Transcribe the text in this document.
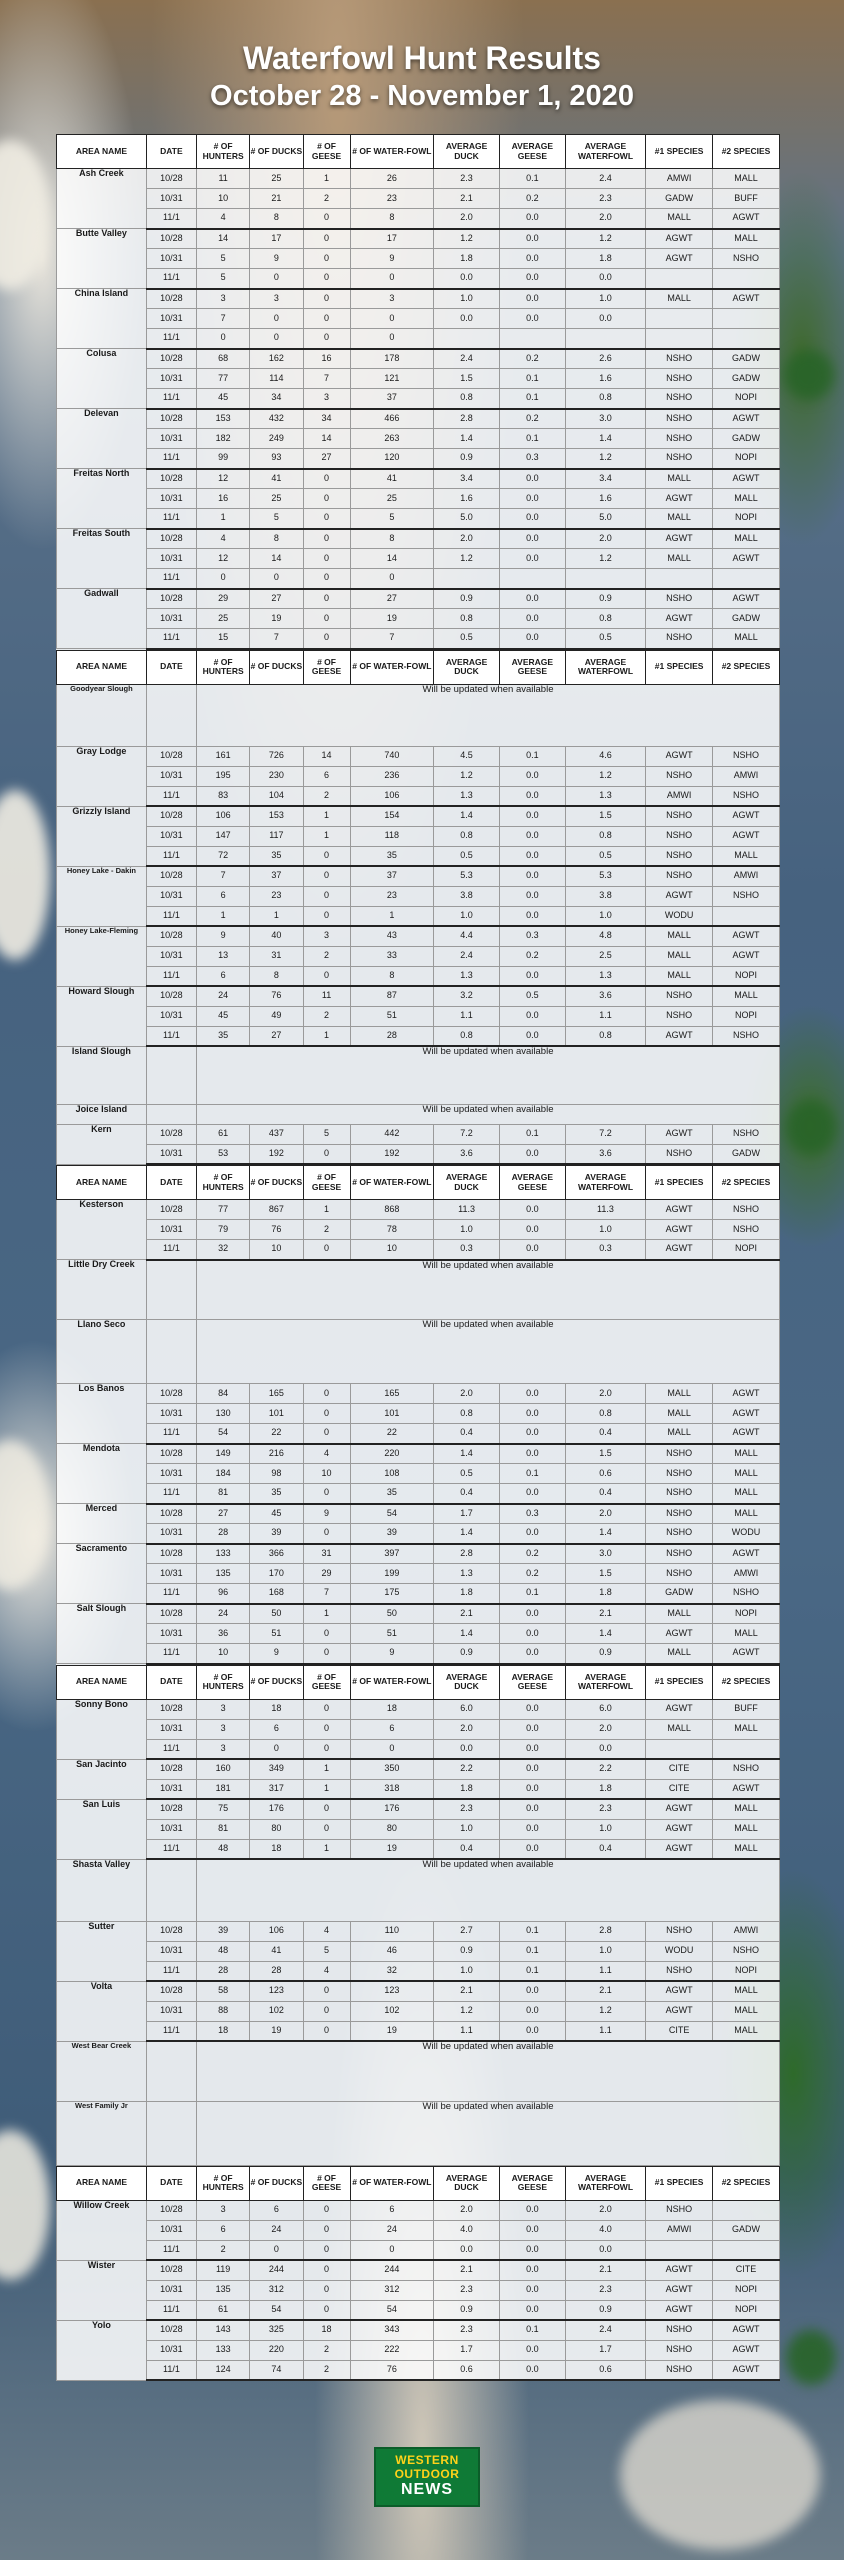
Waterfowl Hunt Results
October 28 - November 1, 2020
AREA NAME	DATE	# OF HUNTERS	# OF DUCKS	# OF GEESE	# OF WATER-FOWL	AVERAGE DUCK	AVERAGE GEESE	AVERAGE WATERFOWL	#1 SPECIES	#2 SPECIES
Ash Creek	10/28	11	25	1	26	2.3	0.1	2.4	AMWI	MALL
	10/31	10	21	2	23	2.1	0.2	2.3	GADW	BUFF
	11/1	4	8	0	8	2.0	0.0	2.0	MALL	AGWT
Butte Valley	10/28	14	17	0	17	1.2	0.0	1.2	AGWT	MALL
	10/31	5	9	0	9	1.8	0.0	1.8	AGWT	NSHO
	11/1	5	0	0	0	0.0	0.0	0.0		
China Island	10/28	3	3	0	3	1.0	0.0	1.0	MALL	AGWT
	10/31	7	0	0	0	0.0	0.0	0.0		
	11/1	0	0	0	0					
Colusa	10/28	68	162	16	178	2.4	0.2	2.6	NSHO	GADW
	10/31	77	114	7	121	1.5	0.1	1.6	NSHO	GADW
	11/1	45	34	3	37	0.8	0.1	0.8	NSHO	NOPI
Delevan	10/28	153	432	34	466	2.8	0.2	3.0	NSHO	AGWT
	10/31	182	249	14	263	1.4	0.1	1.4	NSHO	GADW
	11/1	99	93	27	120	0.9	0.3	1.2	NSHO	NOPI
Freitas North	10/28	12	41	0	41	3.4	0.0	3.4	MALL	AGWT
	10/31	16	25	0	25	1.6	0.0	1.6	AGWT	MALL
	11/1	1	5	0	5	5.0	0.0	5.0	MALL	NOPI
Freitas South	10/28	4	8	0	8	2.0	0.0	2.0	AGWT	MALL
	10/31	12	14	0	14	1.2	0.0	1.2	MALL	AGWT
	11/1	0	0	0	0					
Gadwall	10/28	29	27	0	27	0.9	0.0	0.9	NSHO	AGWT
	10/31	25	19	0	19	0.8	0.0	0.8	AGWT	GADW
	11/1	15	7	0	7	0.5	0.0	0.5	NSHO	MALL
AREA NAME	DATE	# OF HUNTERS	# OF DUCKS	# OF GEESE	# OF WATER-FOWL	AVERAGE DUCK	AVERAGE GEESE	AVERAGE WATERFOWL	#1 SPECIES	#2 SPECIES
Goodyear Slough		Will be updated when available								
Gray Lodge	10/28	161	726	14	740	4.5	0.1	4.6	AGWT	NSHO
	10/31	195	230	6	236	1.2	0.0	1.2	NSHO	AMWI
	11/1	83	104	2	106	1.3	0.0	1.3	AMWI	NSHO
Grizzly Island	10/28	106	153	1	154	1.4	0.0	1.5	NSHO	AGWT
	10/31	147	117	1	118	0.8	0.0	0.8	NSHO	AGWT
	11/1	72	35	0	35	0.5	0.0	0.5	NSHO	MALL
Honey Lake - Dakin	10/28	7	37	0	37	5.3	0.0	5.3	NSHO	AMWI
	10/31	6	23	0	23	3.8	0.0	3.8	AGWT	NSHO
	11/1	1	1	0	1	1.0	0.0	1.0	WODU	
Honey Lake-Fleming	10/28	9	40	3	43	4.4	0.3	4.8	MALL	AGWT
	10/31	13	31	2	33	2.4	0.2	2.5	MALL	AGWT
	11/1	6	8	0	8	1.3	0.0	1.3	MALL	NOPI
Howard Slough	10/28	24	76	11	87	3.2	0.5	3.6	NSHO	MALL
	10/31	45	49	2	51	1.1	0.0	1.1	NSHO	NOPI
	11/1	35	27	1	28	0.8	0.0	0.8	AGWT	NSHO
Island Slough		Will be updated when available								
Joice Island		Will be updated when available								
Kern	10/28	61	437	5	442	7.2	0.1	7.2	AGWT	NSHO
	10/31	53	192	0	192	3.6	0.0	3.6	NSHO	GADW
AREA NAME	DATE	# OF HUNTERS	# OF DUCKS	# OF GEESE	# OF WATER-FOWL	AVERAGE DUCK	AVERAGE GEESE	AVERAGE WATERFOWL	#1 SPECIES	#2 SPECIES
Kesterson	10/28	77	867	1	868	11.3	0.0	11.3	AGWT	NSHO
	10/31	79	76	2	78	1.0	0.0	1.0	AGWT	NSHO
	11/1	32	10	0	10	0.3	0.0	0.3	AGWT	NOPI
Little Dry Creek		Will be updated when available								
Llano Seco		Will be updated when available								
Los Banos	10/28	84	165	0	165	2.0	0.0	2.0	MALL	AGWT
	10/31	130	101	0	101	0.8	0.0	0.8	MALL	AGWT
	11/1	54	22	0	22	0.4	0.0	0.4	MALL	AGWT
Mendota	10/28	149	216	4	220	1.4	0.0	1.5	NSHO	MALL
	10/31	184	98	10	108	0.5	0.1	0.6	NSHO	MALL
	11/1	81	35	0	35	0.4	0.0	0.4	NSHO	MALL
Merced	10/28	27	45	9	54	1.7	0.3	2.0	NSHO	MALL
	10/31	28	39	0	39	1.4	0.0	1.4	NSHO	WODU
Sacramento	10/28	133	366	31	397	2.8	0.2	3.0	NSHO	AGWT
	10/31	135	170	29	199	1.3	0.2	1.5	NSHO	AMWI
	11/1	96	168	7	175	1.8	0.1	1.8	GADW	NSHO
Salt Slough	10/28	24	50	1	50	2.1	0.0	2.1	MALL	NOPI
	10/31	36	51	0	51	1.4	0.0	1.4	AGWT	MALL
	11/1	10	9	0	9	0.9	0.0	0.9	MALL	AGWT
AREA NAME	DATE	# OF HUNTERS	# OF DUCKS	# OF GEESE	# OF WATER-FOWL	AVERAGE DUCK	AVERAGE GEESE	AVERAGE WATERFOWL	#1 SPECIES	#2 SPECIES
Sonny Bono	10/28	3	18	0	18	6.0	0.0	6.0	AGWT	BUFF
	10/31	3	6	0	6	2.0	0.0	2.0	MALL	MALL
	11/1	3	0	0	0	0.0	0.0	0.0		
San Jacinto	10/28	160	349	1	350	2.2	0.0	2.2	CITE	NSHO
	10/31	181	317	1	318	1.8	0.0	1.8	CITE	AGWT
San Luis	10/28	75	176	0	176	2.3	0.0	2.3	AGWT	MALL
	10/31	81	80	0	80	1.0	0.0	1.0	AGWT	MALL
	11/1	48	18	1	19	0.4	0.0	0.4	AGWT	MALL
Shasta Valley		Will be updated when available								
Sutter	10/28	39	106	4	110	2.7	0.1	2.8	NSHO	AMWI
	10/31	48	41	5	46	0.9	0.1	1.0	WODU	NSHO
	11/1	28	28	4	32	1.0	0.1	1.1	NSHO	NOPI
Volta	10/28	58	123	0	123	2.1	0.0	2.1	AGWT	MALL
	10/31	88	102	0	102	1.2	0.0	1.2	AGWT	MALL
	11/1	18	19	0	19	1.1	0.0	1.1	CITE	MALL
West Bear Creek		Will be updated when available								
West Family Jr		Will be updated when available								
AREA NAME	DATE	# OF HUNTERS	# OF DUCKS	# OF GEESE	# OF WATER-FOWL	AVERAGE DUCK	AVERAGE GEESE	AVERAGE WATERFOWL	#1 SPECIES	#2 SPECIES
Willow Creek	10/28	3	6	0	6	2.0	0.0	2.0	NSHO	
	10/31	6	24	0	24	4.0	0.0	4.0	AMWI	GADW
	11/1	2	0	0	0	0.0	0.0	0.0		
Wister	10/28	119	244	0	244	2.1	0.0	2.1	AGWT	CITE
	10/31	135	312	0	312	2.3	0.0	2.3	AGWT	NOPI
	11/1	61	54	0	54	0.9	0.0	0.9	AGWT	NOPI
Yolo	10/28	143	325	18	343	2.3	0.1	2.4	NSHO	AGWT
	10/31	133	220	2	222	1.7	0.0	1.7	NSHO	AGWT
	11/1	124	74	2	76	0.6	0.0	0.6	NSHO	AGWT
WESTERN
OUTDOOR
NEWS
